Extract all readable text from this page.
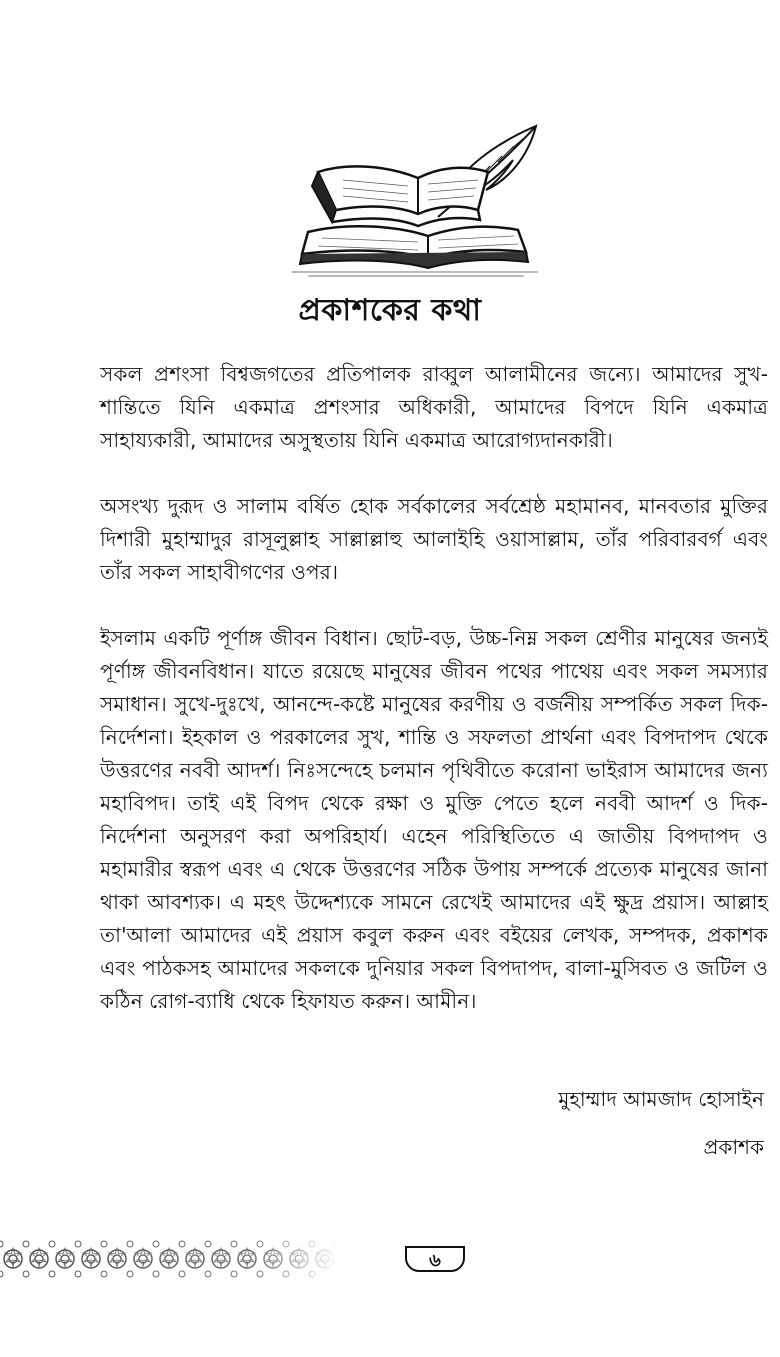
প্রকাশকের কথা

সকল প্রশংসা বিশ্বজগতের প্রতিপালক রাব্বুল আলামীনের জন্যে। আমাদের সুখ-শান্তিতে যিনি একমাত্র প্রশংসার অধিকারী, আমাদের বিপদে যিনি একমাত্র সাহায্যকারী, আমাদের অসুস্থতায় যিনি একমাত্র আরোগ্যদানকারী।

অসংখ্য দুরূদ ও সালাম বর্ষিত হোক সর্বকালের সর্বশ্রেষ্ঠ মহামানব, মানবতার মুক্তির দিশারী মুহাম্মাদুর রাসূলুল্লাহ সাল্লাল্লাহু আলাইহি ওয়াসাল্লাম, তাঁর পরিবারবর্গ এবং তাঁর সকল সাহাবীগণের ওপর।

ইসলাম একটি পূর্ণাঙ্গ জীবন বিধান। ছোট-বড়, উচ্চ-নিম্ন সকল শ্রেণীর মানুষের জন্যই পূর্ণাঙ্গ জীবনবিধান। যাতে রয়েছে মানুষের জীবন পথের পাথেয় এবং সকল সমস্যার সমাধান। সুখে-দুঃখে, আনন্দে-কষ্টে মানুষের করণীয় ও বর্জনীয় সম্পর্কিত সকল দিক-নির্দেশনা। ইহকাল ও পরকালের সুখ, শান্তি ও সফলতা প্রার্থনা এবং বিপদাপদ থেকে উত্তরণের নববী আদর্শ। নিঃসন্দেহে চলমান পৃথিবীতে করোনা ভাইরাস আমাদের জন্য মহাবিপদ। তাই এই বিপদ থেকে রক্ষা ও মুক্তি পেতে হলে নববী আদর্শ ও দিক-নির্দেশনা অনুসরণ করা অপরিহার্য। এহেন পরিস্থিতিতে এ জাতীয় বিপদাপদ ও মহামারীর স্বরূপ এবং এ থেকে উত্তরণের সঠিক উপায় সম্পর্কে প্রত্যেক মানুষের জানা থাকা আবশ্যক। এ মহৎ উদ্দেশ্যকে সামনে রেখেই আমাদের এই ক্ষুদ্র প্রয়াস। আল্লাহ তা'আলা আমাদের এই প্রয়াস কবুল করুন এবং বইয়ের লেখক, সম্পদক, প্রকাশক এবং পাঠকসহ আমাদের সকলকে দুনিয়ার সকল বিপদাপদ, বালা-মুসিবত ও জটিল ও কঠিন রোগ-ব্যাধি থেকে হিফাযত করুন। আমীন।

মুহাম্মাদ আমজাদ হোসাইন
প্রকাশক
৬
